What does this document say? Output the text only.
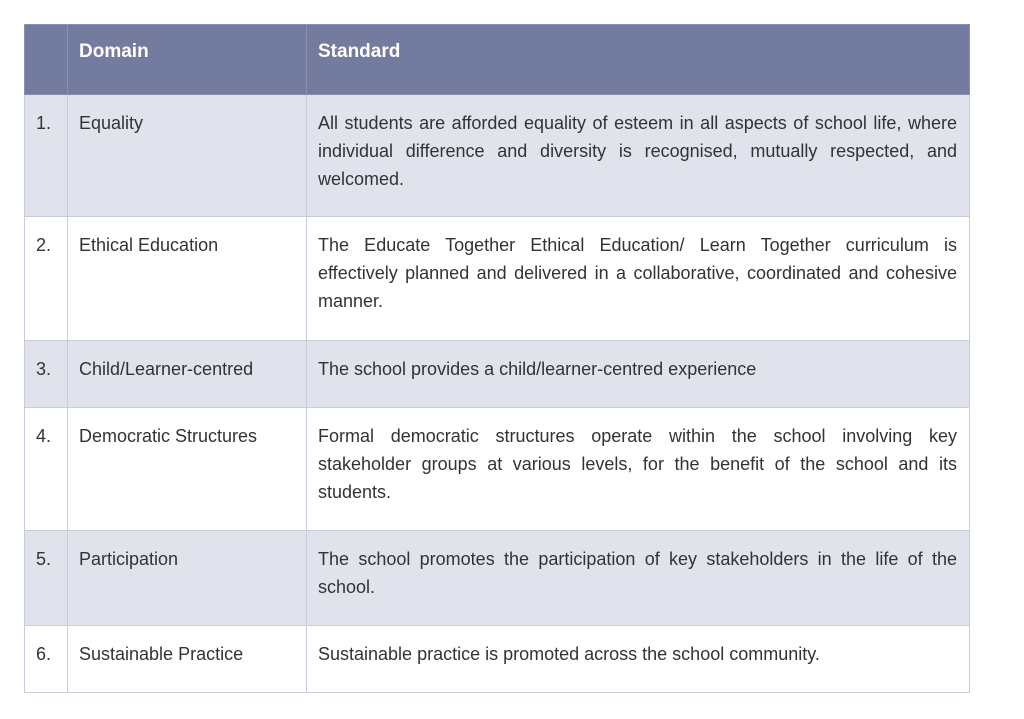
	Domain	Standard
1.	Equality	All students are afforded equality of esteem in all aspects of school life, where individual difference and diversity is recognised, mutually respected, and welcomed.
2.	Ethical Education	The Educate Together Ethical Education/ Learn Together curriculum is effectively planned and delivered in a collaborative, coordinated and cohesive manner.
3.	Child/Learner-centred	The school provides a child/learner-centred experience
4.	Democratic Structures	Formal democratic structures operate within the school involving key stakeholder groups at various levels, for the benefit of the school and its students.
5.	Participation	The school promotes the participation of key stakeholders in the life of the school.
6.	Sustainable Practice	Sustainable practice is promoted across the school community.
